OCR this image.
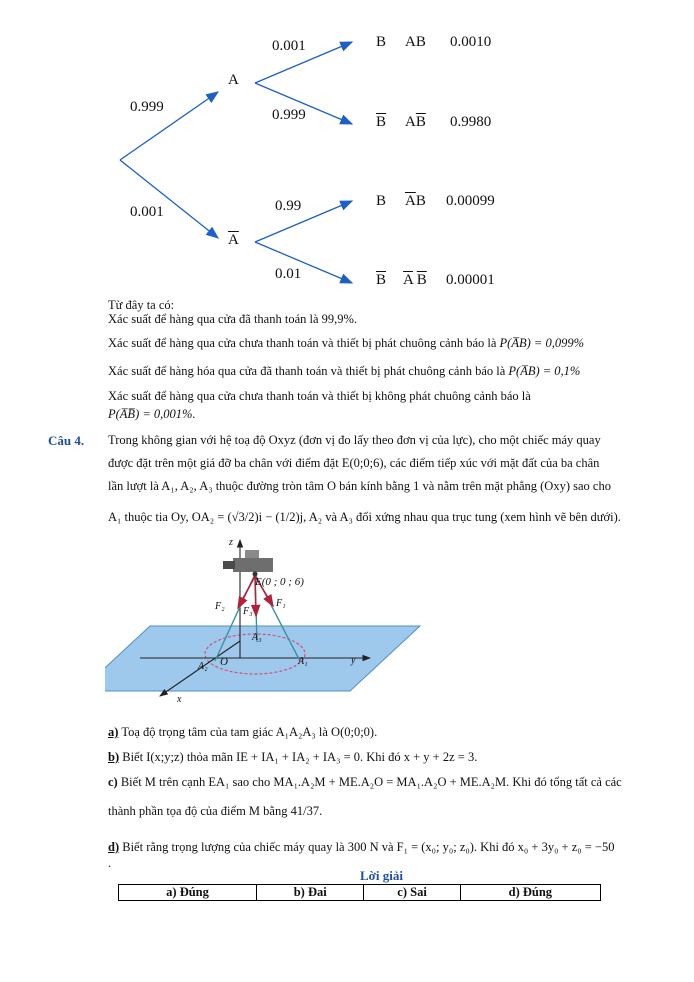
0.999
0.001
A
$\overline{A}$
0.001
0.999
0.99
0.01
B AB 0.0010
$\overline{B}$ $A\overline{B}$ 0.9980
B $\overline{A}B$ 0.00099
$\overline{B}$ $\overline{A}$ $\overline{B}$ 0.00001
Từ đây ta có:
Xác suất để hàng qua cửa đã thanh toán là 99,9%.
Xác suất để hàng qua cửa chưa thanh toán và thiết bị phát chuông cảnh báo là P(A̅B) = 0,099%
Xác suất để hàng hóa qua cửa đã thanh toán và thiết bị phát chuông cảnh báo là P(A̅B) = 0,1%
Xác suất để hàng qua cửa chưa thanh toán và thiết bị không phát chuông cảnh báo là
P(A̅B̅) = 0,001%.
Câu 4. Trong không gian với hệ toạ độ Oxyz (đơn vị đo lấy theo đơn vị của lực), cho một chiếc máy quay
được đặt trên một giá đỡ ba chân với điểm đặt E(0;0;6), các điểm tiếp xúc với mặt đất của ba chân
lần lượt là A₁, A₂, A₃ thuộc đường tròn tâm O bán kính bằng 1 và nằm trên mặt phẳng (Oxy) sao cho
A₁ thuộc tia Oy, OA₂ = (√3/2)i − (1/2)j, A₂ và A₃ đối xứng nhau qua trục tung (xem hình vẽ bên dưới).
E(0 ; 0 ; 6)
z
y
x
O	A₁
A₂
A₃
F₁
F₂ F₃
a) Toạ độ trọng tâm của tam giác A₁A₂A₃ là O(0;0;0).
b) Biết I(x;y;z) thỏa mãn IE + IA₁ + IA₂ + IA₃ = 0. Khi đó x + y + 2z = 3.
c) Biết M trên cạnh EA₁ sao cho MA₁.A₂M + ME.A₂O = MA₁.A₂O + ME.A₂M. Khi đó tổng tất cả các
thành phần tọa độ của điểm M bằng 41/37.
d) Biết rằng trọng lượng của chiếc máy quay là 300 N và F₁ = (x₀; y₀; z₀). Khi đó x₀ + 3y₀ + z₀ = −50
.
Lời giải
a) Đúng	b) Đai	c) Sai	d) Đúng
